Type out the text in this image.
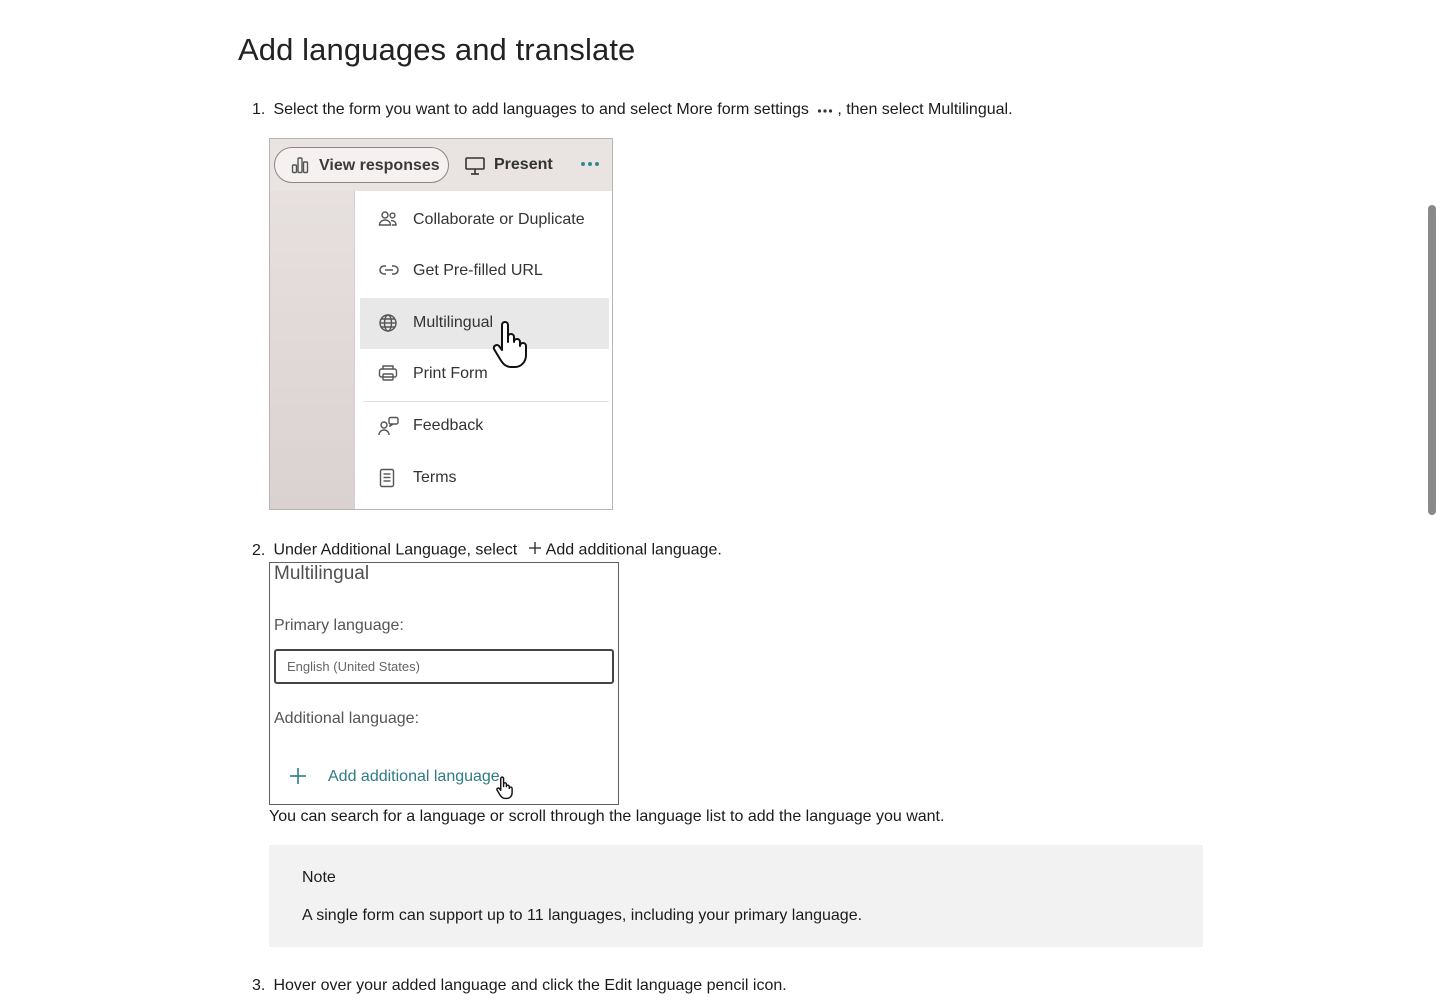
Add languages and translate
1. Select the form you want to add languages to and select More form settings , then select Multilingual.
View responses	Present
Collaborate or Duplicate
Get Pre-filled URL
Multilingual
Print Form
Feedback
Terms
2. Under Additional Language, select Add additional language.
Multilingual
Primary language:
English (United States)
Additional language:
Add additional language
You can search for a language or scroll through the language list to add the language you want.
Note
A single form can support up to 11 languages, including your primary language.
3. Hover over your added language and click the Edit language pencil icon.
